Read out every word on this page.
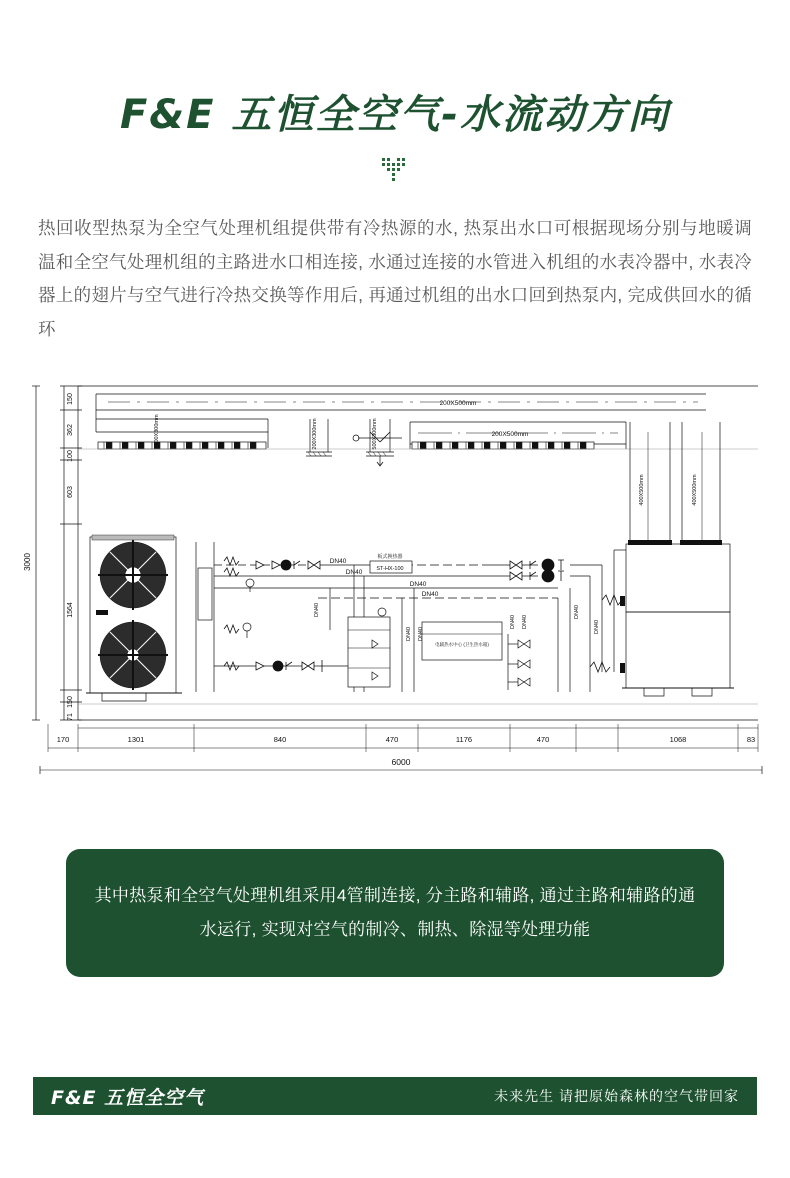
F&E 五恒全空气-水流动方向
热回收型热泵为全空气处理机组提供带有冷热源的水, 热泵出水口可根据现场分别与地暖调温和全空气处理机组的主路进水口相连接, 水通过连接的水管进入机组的水表冷器中, 水表冷器上的翅片与空气进行冷热交换等作用后, 再通过机组的出水口回到热泵内, 完成供回水的循环
3000
150
362
100
603
1564
150
71
170	1301	840	470	1176	470	1068	83
6000
200X500mm
200X500mm
500X300mm	200X300mm	500X300mm
400X500mm	400X500mm
DN40
DN40
DN40
DN40
DN40
DN40 DN40
DN40 DN40
DN40
DN40
板式换热器
ST-HX-100
电辅热水中心 (卫生热水箱)
其中热泵和全空气处理机组采用4管制连接, 分主路和辅路, 通过主路和辅路的通
水运行, 实现对空气的制冷、制热、除湿等处理功能
F&E 五恒全空气	未来先生 请把原始森林的空气带回家
